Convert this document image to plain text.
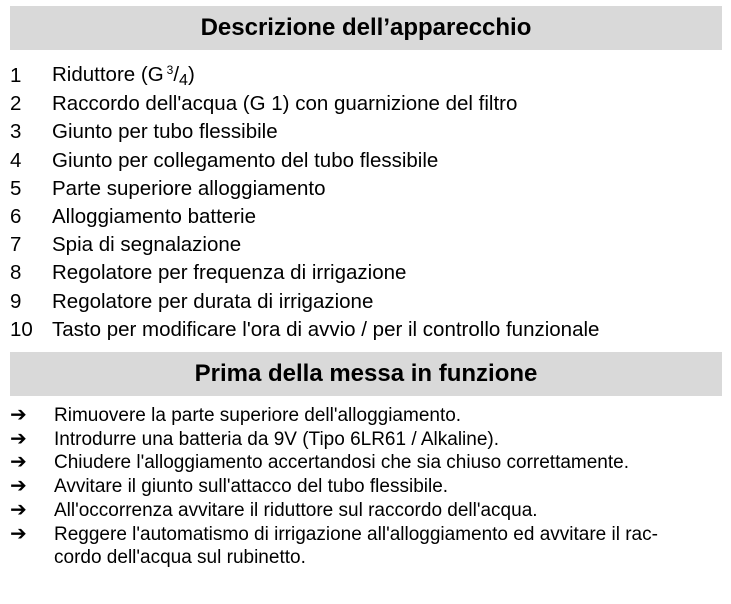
Descrizione dell’apparecchio
1	Riduttore (G $^3/_4$)
2	Raccordo dell'acqua (G 1) con guarnizione del filtro
3	Giunto per tubo flessibile
4	Giunto per collegamento del tubo flessibile
5	Parte superiore alloggiamento
6	Alloggiamento batterie
7	Spia di segnalazione
8	Regolatore per frequenza di irrigazione
9	Regolatore per durata di irrigazione
10 Tasto per modificare l'ora di avvio / per il controllo funzionale
Prima della messa in funzione
➔	Rimuovere la parte superiore dell'alloggiamento.
➔	Introdurre una batteria da 9V (Tipo 6LR61 / Alkaline).
➔	Chiudere l'alloggiamento accertandosi che sia chiuso correttamente.
➔	Avvitare il giunto sull'attacco del tubo flessibile.
➔	All'occorrenza avvitare il riduttore sul raccordo dell'acqua.
➔	Reggere l'automatismo di irrigazione all'alloggiamento ed avvitare il rac-
cordo dell'acqua sul rubinetto.
